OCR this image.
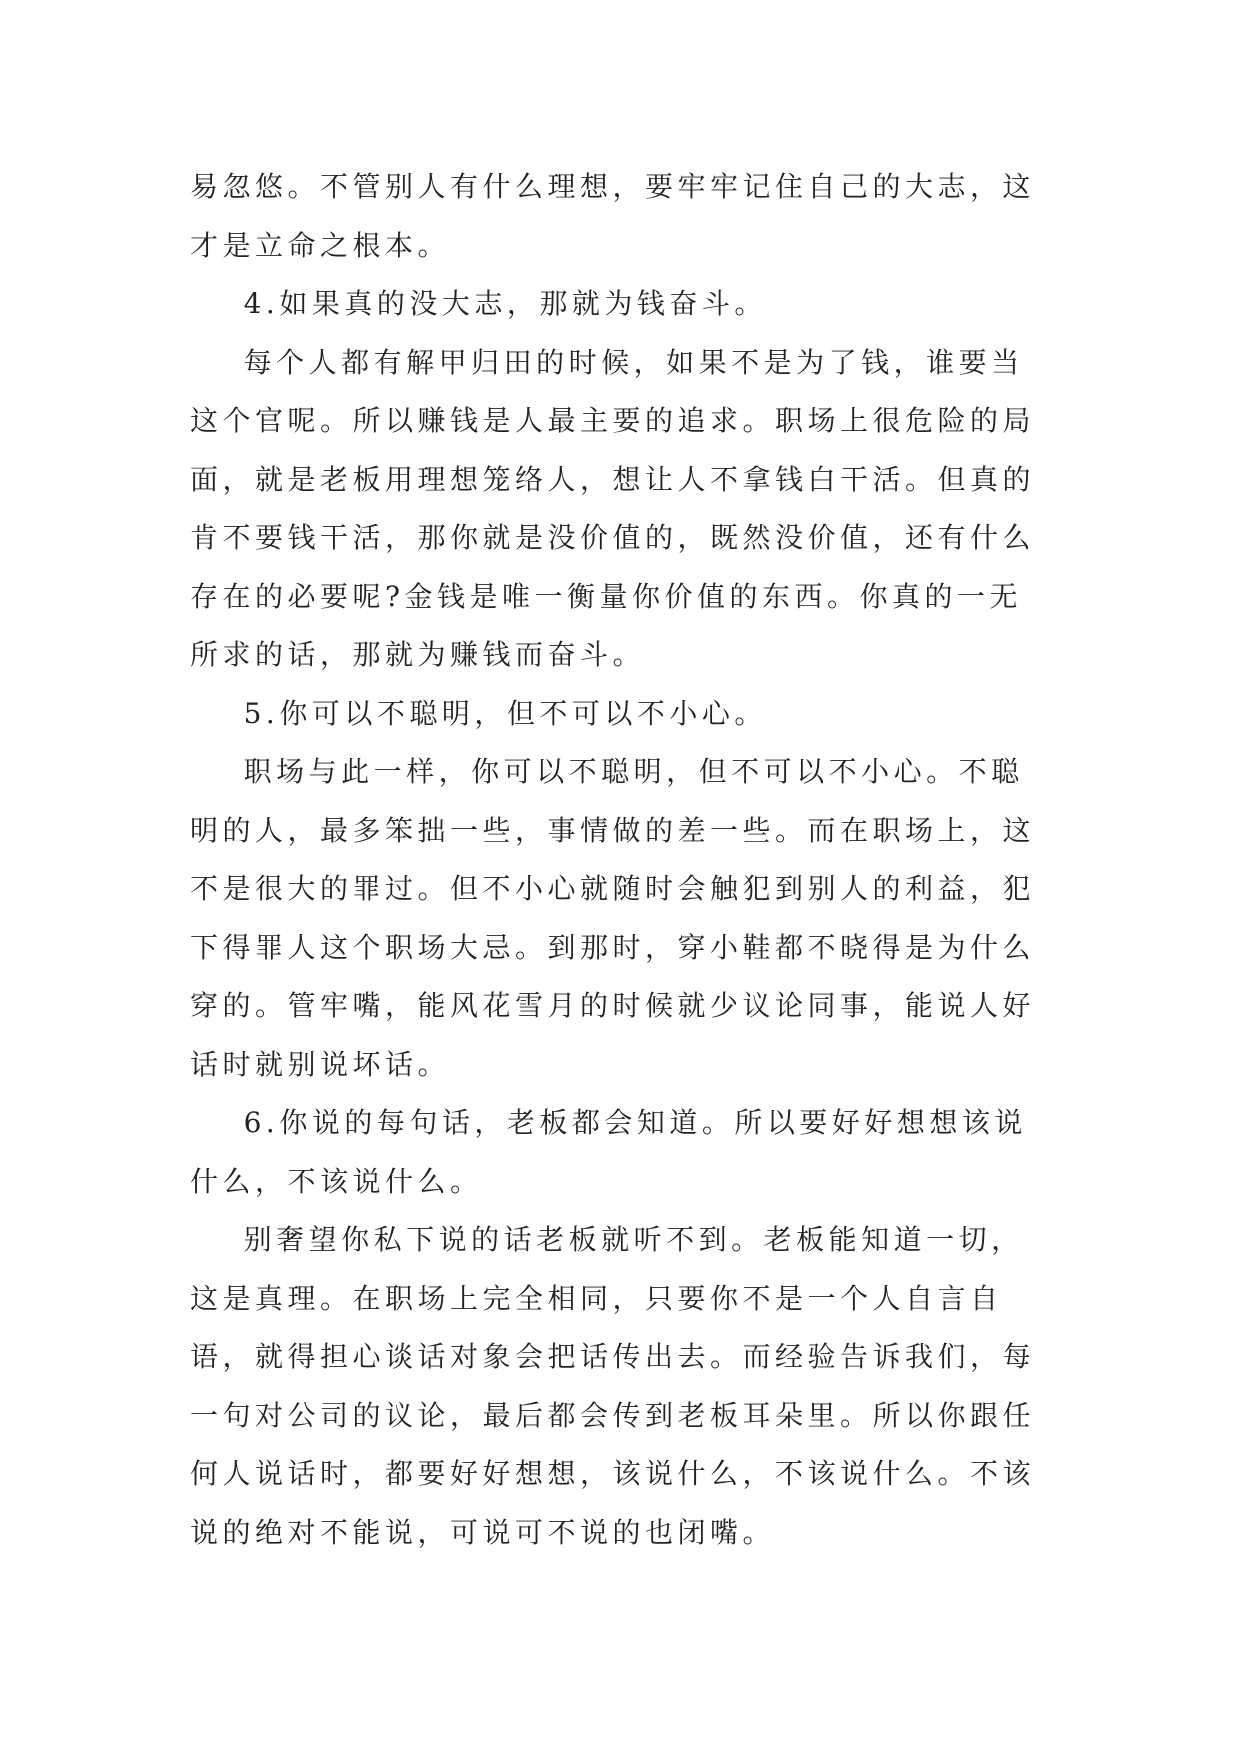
易忽悠。不管别人有什么理想，要牢牢记住自己的大志，这才是立命之根本。

4.如果真的没大志，那就为钱奋斗。

每个人都有解甲归田的时候，如果不是为了钱，谁要当这个官呢。所以赚钱是人最主要的追求。职场上很危险的局面，就是老板用理想笼络人，想让人不拿钱白干活。但真的肯不要钱干活，那你就是没价值的，既然没价值，还有什么存在的必要呢?金钱是唯一衡量你价值的东西。你真的一无所求的话，那就为赚钱而奋斗。

5.你可以不聪明，但不可以不小心。

职场与此一样，你可以不聪明，但不可以不小心。不聪明的人，最多笨拙一些，事情做的差一些。而在职场上，这不是很大的罪过。但不小心就随时会触犯到别人的利益，犯下得罪人这个职场大忌。到那时，穿小鞋都不晓得是为什么穿的。管牢嘴，能风花雪月的时候就少议论同事，能说人好话时就别说坏话。

6.你说的每句话，老板都会知道。所以要好好想想该说什么，不该说什么。

别奢望你私下说的话老板就听不到。老板能知道一切，这是真理。在职场上完全相同，只要你不是一个人自言自语，就得担心谈话对象会把话传出去。而经验告诉我们，每一句对公司的议论，最后都会传到老板耳朵里。所以你跟任何人说话时，都要好好想想，该说什么，不该说什么。不该说的绝对不能说，可说可不说的也闭嘴。
